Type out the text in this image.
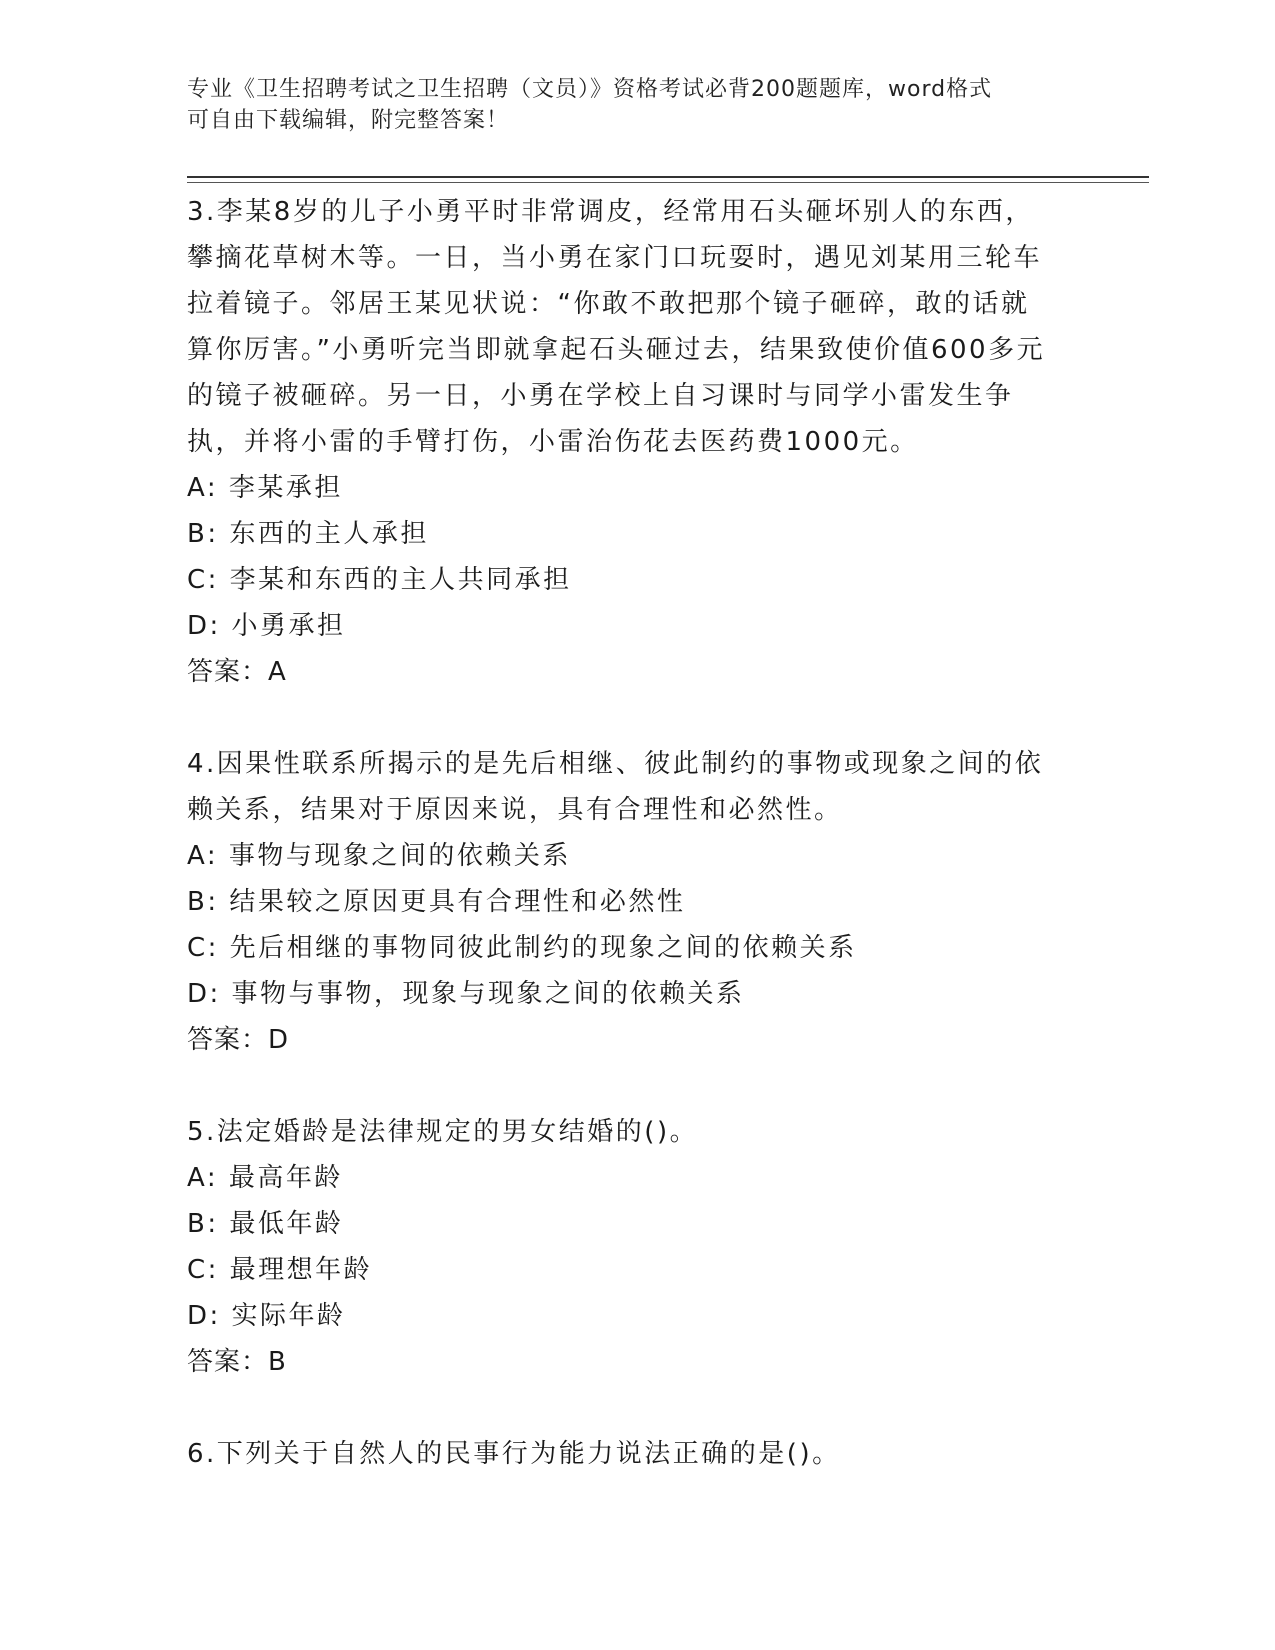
专业《卫生招聘考试之卫生招聘（文员）》资格考试必背200题题库，word格式
可自由下载编辑，附完整答案！
3.李某8岁的儿子小勇平时非常调皮，经常用石头砸坏别人的东西，攀摘花草树木等。一日，当小勇在家门口玩耍时，遇见刘某用三轮车拉着镜子。邻居王某见状说：“你敢不敢把那个镜子砸碎，敢的话就算你厉害。”小勇听完当即就拿起石头砸过去，结果致使价值600多元的镜子被砸碎。另一日，小勇在学校上自习课时与同学小雷发生争执，并将小雷的手臂打伤，小雷治伤花去医药费1000元。
A: 李某承担
B: 东西的主人承担
C: 李某和东西的主人共同承担
D: 小勇承担
答案：A
4.因果性联系所揭示的是先后相继、彼此制约的事物或现象之间的依赖关系，结果对于原因来说，具有合理性和必然性。
A: 事物与现象之间的依赖关系
B: 结果较之原因更具有合理性和必然性
C: 先后相继的事物同彼此制约的现象之间的依赖关系
D: 事物与事物，现象与现象之间的依赖关系
答案：D
5.法定婚龄是法律规定的男女结婚的()。
A: 最高年龄
B: 最低年龄
C: 最理想年龄
D: 实际年龄
答案：B
6.下列关于自然人的民事行为能力说法正确的是()。
